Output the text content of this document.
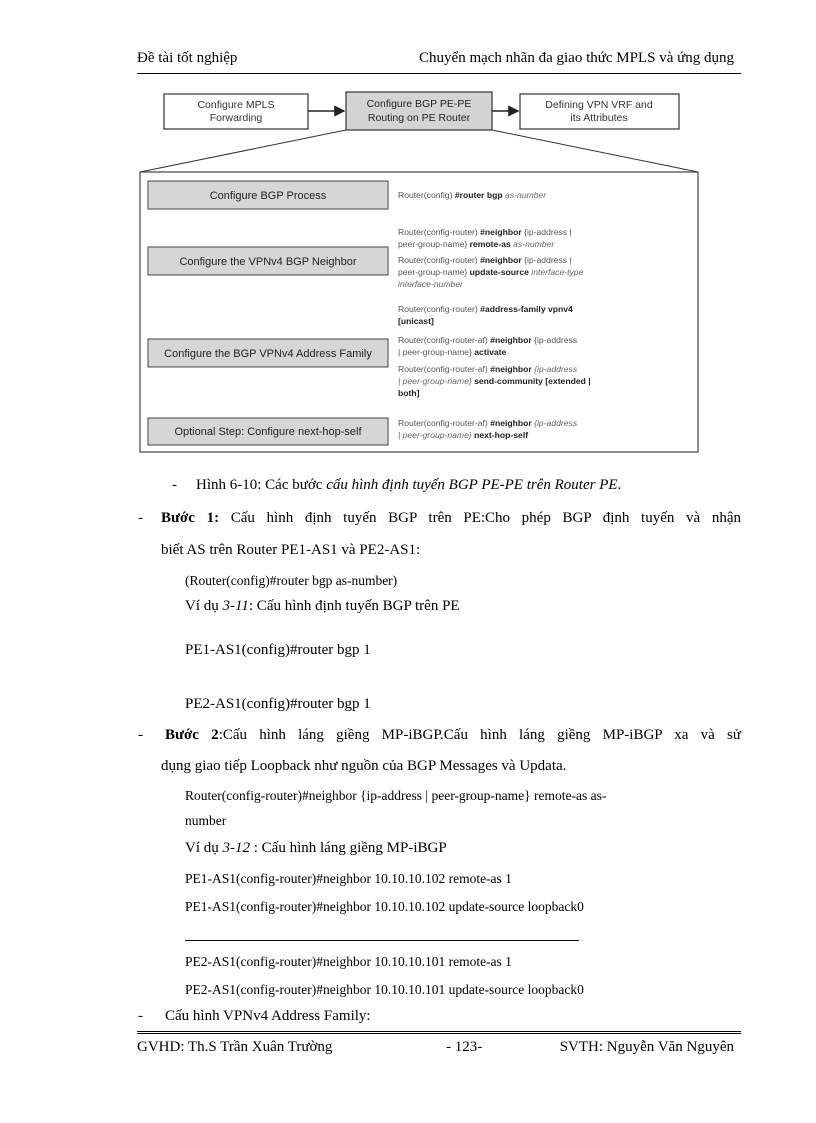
Đề tài tốt nghiệp	Chuyển mạch nhãn đa giao thức MPLS và ứng dụng
Configure MPLS
Forwarding
Configure BGP PE-PE
Routing on PE Router
Defining VPN VRF and
its Attributes
Configure BGP Process
Configure the VPNv4 BGP Neighbor
Configure the BGP VPNv4 Address Family
Optional Step: Configure next-hop-self
Router(config) #router bgp as-number
Router(config-router) #neighbor {ip-address |
peer-group-name} remote-as as-number
Router(config-router) #neighbor {ip-address |
peer-group-name} update-source interface-type
interface-number
Router(config-router) #address-family vpnv4
[unicast]
Router(config-router-af) #neighbor {ip-address
| peer-group-name} activate
Router(config-router-af) #neighbor {ip-address
| peer-group-name} send-community [extended |
both]
Router(config-router-af) #neighbor {ip-address
| peer-group-name} next-hop-self
- Hình 6-10: Các bước cấu hình định tuyến BGP PE-PE trên Router PE.
- Bước 1: Cấu hình định tuyến BGP trên PE:Cho phép BGP định tuyến và nhận
biết AS trên Router PE1-AS1 và PE2-AS1:
(Router(config)#router bgp as-number)
Ví dụ 3-11: Cấu hình định tuyến BGP trên PE
PE1-AS1(config)#router bgp 1
PE2-AS1(config)#router bgp 1
- Bước 2:Cấu hình láng giềng MP-iBGP.Cấu hình láng giềng MP-iBGP xa và sử
dụng giao tiếp Loopback như nguồn của BGP Messages và Updata.
Router(config-router)#neighbor {ip-address | peer-group-name} remote-as as-
number
Ví dụ 3-12 : Cấu hình láng giềng MP-iBGP
PE1-AS1(config-router)#neighbor 10.10.10.102 remote-as 1
PE1-AS1(config-router)#neighbor 10.10.10.102 update-source loopback0
PE2-AS1(config-router)#neighbor 10.10.10.101 remote-as 1
PE2-AS1(config-router)#neighbor 10.10.10.101 update-source loopback0
- Cấu hình VPNv4 Address Family:
GVHD: Th.S Trần Xuân Trường	- 123-	SVTH: Nguyễn Văn Nguyên
